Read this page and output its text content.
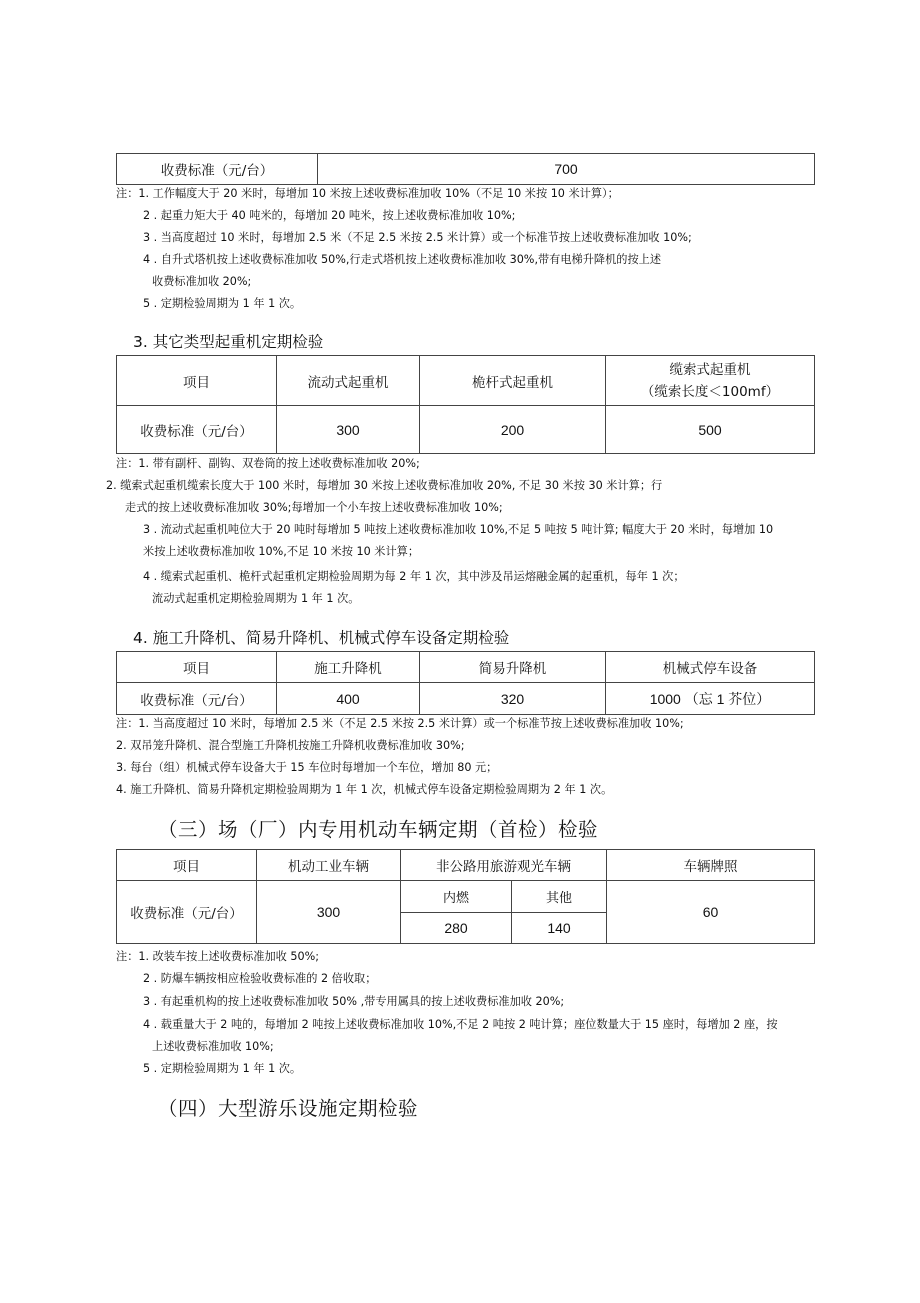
收费标准（元/台）	700
注：1. 工作幅度大于 20 米时，每增加 10 米按上述收费标准加收 10%（不足 10 米按 10 米计算）；
2 . 起重力矩大于 40 吨米的，每增加 20 吨米，按上述收费标准加收 10%;
3 . 当高度超过 10 米时，每增加 2.5 米（不足 2.5 米按 2.5 米计算）或一个标准节按上述收费标准加收 10%;
4 . 自升式塔机按上述收费标准加收 50%,行走式塔机按上述收费标准加收 30%,带有电梯升降机的按上述
收费标准加收 20%;
5 . 定期检验周期为 1 年 1 次。
3. 其它类型起重机定期检验
项目	流动式起重机	桅杆式起重机	缆索式起重机
（缆索长度＜100mf）

收费标准（元/台）	300	200	500
注：1. 带有副杆、副钩、双卷筒的按上述收费标准加收 20%;
2. 缆索式起重机缆索长度大于 100 米时，每增加 30 米按上述收费标准加收 20%, 不足 30 米按 30 米计算；行
走式的按上述收费标准加收 30%;每增加一个小车按上述收费标准加收 10%;
3 . 流动式起重机吨位大于 20 吨时每增加 5 吨按上述收费标准加收 10%,不足 5 吨按 5 吨计算; 幅度大于 20 米时，每增加 10
米按上述收费标准加收 10%,不足 10 米按 10 米计算；
4 . 缆索式起重机、桅杆式起重机定期检验周期为每 2 年 1 次，其中涉及吊运熔融金属的起重机，每年 1 次；
流动式起重机定期检验周期为 1 年 1 次。
4. 施工升降机、简易升降机、机械式停车设备定期检验
项目	施工升降机	简易升降机	机械式停车设备
收费标准（元/台）	400	320	1000 （忘 1 芥位）
注：1. 当高度超过 10 米时，每增加 2.5 米（不足 2.5 米按 2.5 米计算）或一个标准节按上述收费标准加收 10%;
2. 双吊笼升降机、混合型施工升降机按施工升降机收费标准加收 30%;
3. 每台（组）机械式停车设备大于 15 车位时每增加一个车位，增加 80 元；
4. 施工升降机、简易升降机定期检验周期为 1 年 1 次，机械式停车设备定期检验周期为 2 年 1 次。
（三）场（厂）内专用机动车辆定期（首检）检验
项目	机动工业车辆	非公路用旅游观光车辆		车辆牌照
收费标准（元/台）	300	内燃	其他	60
		280	140	
注：1. 改装车按上述收费标准加收 50%;
2 . 防爆车辆按相应检验收费标准的 2 倍收取；
3 . 有起重机构的按上述收费标准加收 50% ,带专用属具的按上述收费标准加收 20%;
4 . 载重量大于 2 吨的，每增加 2 吨按上述收费标准加收 10%,不足 2 吨按 2 吨计算；座位数量大于 15 座时，每增加 2 座，按
上述收费标准加收 10%;
5 . 定期检验周期为 1 年 1 次。
（四）大型游乐设施定期检验
